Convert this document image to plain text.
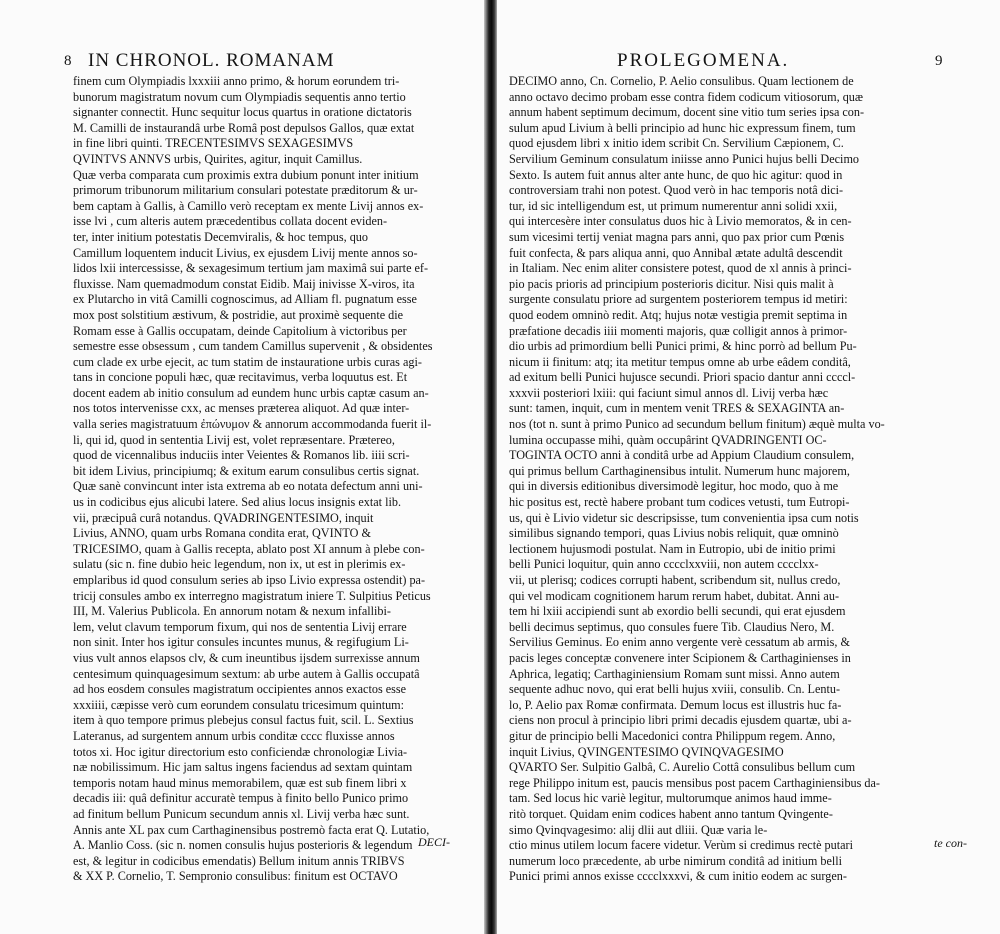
8 IN CHRONOL. ROMANAM
finem cum Olympiadis lxxxiii anno primo, & horum eorundem tri-
bunorum magistratum novum cum Olympiadis sequentis anno tertio
signanter connectit. Hunc sequitur locus quartus in oratione dictatoris
M. Camilli de instaurandâ urbe Româ post depulsos Gallos, quæ extat
in fine libri quinti. TRECENTESIMVS SEXAGESIMVS
QVINTVS ANNVS urbis, Quirites, agitur, inquit Camillus.
Quæ verba comparata cum proximis extra dubium ponunt inter initium
primorum tribunorum militarium consulari potestate præditorum & ur-
bem captam à Gallis, à Camillo verò receptam ex mente Livij annos ex-
isse lvi , cum alteris autem præcedentibus collata docent eviden-
ter, inter initium potestatis Decemviralis, & hoc tempus, quo
Camillum loquentem inducit Livius, ex ejusdem Livij mente annos so-
lidos lxii intercessisse, & sexagesimum tertium jam maximâ sui parte ef-
fluxisse. Nam quemadmodum constat Eidib. Maij inivisse X-viros, ita
ex Plutarcho in vitâ Camilli cognoscimus, ad Alliam fl. pugnatum esse
mox post solstitium æstivum, & postridie, aut proximè sequente die
Romam esse à Gallis occupatam, deinde Capitolium à victoribus per
semestre esse obsessum , cum tandem Camillus supervenit , & obsidentes
cum clade ex urbe ejecit, ac tum statim de instauratione urbis curas agi-
tans in concione populi hæc, quæ recitavimus, verba loquutus est. Et
docent eadem ab initio consulum ad eundem hunc urbis captæ casum an-
nos totos intervenisse cxx, ac menses præterea aliquot. Ad quæ inter-
valla series magistratuum ἐπώνυμον & annorum accommodanda fuerit il-
li, qui id, quod in sententia Livij est, volet repræsentare. Prætereo,
quod de vicennalibus induciis inter Veientes & Romanos lib. iiii scri-
bit idem Livius, principiumq; & exitum earum consulibus certis signat.
Quæ sanè convincunt inter ista extrema ab eo notata defectum anni uni-
us in codicibus ejus alicubi latere. Sed alius locus insignis extat lib.
vii, præcipuâ curâ notandus. QVADRINGENTESIMO, inquit
Livius, ANNO, quam urbs Romana condita erat, QVINTO &
TRICESIMO, quam à Gallis recepta, ablato post XI annum à plebe con-
sulatu (sic n. fine dubio heic legendum, non ix, ut est in plerimis ex-
emplaribus id quod consulum series ab ipso Livio expressa ostendit) pa-
tricij consules ambo ex interregno magistratum iniere T. Sulpitius Peticus
III, M. Valerius Publicola. En annorum notam & nexum infallibi-
lem, velut clavum temporum fixum, qui nos de sententia Livij errare
non sinit. Inter hos igitur consules incuntes munus, & regifugium Li-
vius vult annos elapsos clv, & cum ineuntibus ijsdem surrexisse annum
centesimum quinquagesimum sextum: ab urbe autem à Gallis occupatâ
ad hos eosdem consules magistratum occipientes annos exactos esse
xxxiiii, cæpisse verò cum eorundem consulatu tricesimum quintum:
item à quo tempore primus plebejus consul factus fuit, scil. L. Sextius
Lateranus, ad surgentem annum urbis conditæ cccc fluxisse annos
totos xi. Hoc igitur directorium esto conficiendæ chronologiæ Livia-
næ nobilissimum. Hic jam saltus ingens faciendus ad sextam quintam
temporis notam haud minus memorabilem, quæ est sub finem libri x
decadis iii: quâ definitur accuratè tempus à finito bello Punico primo
ad finitum bellum Punicum secundum annis xl. Livij verba hæc sunt.
Annis ante XL pax cum Carthaginensibus postremò facta erat Q. Lutatio,
A. Manlio Coss. (sic n. nomen consulis hujus posterioris & legendum
est, & legitur in codicibus emendatis) Bellum initum annis TRIBVS
& XX P. Cornelio, T. Sempronio consulibus: finitum est OCTAVO
DECI-
PROLEGOMENA.	9
DECIMO anno, Cn. Cornelio, P. Aelio consulibus. Quam lectionem de
anno octavo decimo probam esse contra fidem codicum vitiosorum, quæ
annum habent septimum decimum, docent sine vitio tum series ipsa con-
sulum apud Livium à belli principio ad hunc hic expressum finem, tum
quod ejusdem libri x initio idem scribit Cn. Servilium Cæpionem, C.
Servilium Geminum consulatum iniisse anno Punici hujus belli Decimo
Sexto. Is autem fuit annus alter ante hunc, de quo hic agitur: quod in
controversiam trahi non potest. Quod verò in hac temporis notâ dici-
tur, id sic intelligendum est, ut primum numerentur anni solidi xxii,
qui intercesère inter consulatus duos hic à Livio memoratos, & in cen-
sum vicesimi tertij veniat magna pars anni, quo pax prior cum Pœnis
fuit confecta, & pars aliqua anni, quo Annibal ætate adultâ descendit
in Italiam. Nec enim aliter consistere potest, quod de xl annis à princi-
pio pacis prioris ad principium posterioris dicitur. Nisi quis malit à
surgente consulatu priore ad surgentem posteriorem tempus id metiri:
quod eodem omninò redit. Atq; hujus notæ vestigia premit septima in
præfatione decadis iiii momenti majoris, quæ colligit annos à primor-
dio urbis ad primordium belli Punici primi, & hinc porrò ad bellum Pu-
nicum ii finitum: atq; ita metitur tempus omne ab urbe eâdem conditâ,
ad exitum belli Punici hujusce secundi. Priori spacio dantur anni ccccl-
xxxvii posteriori lxiii: qui faciunt simul annos dl. Livij verba hæc
sunt: tamen, inquit, cum in mentem venit TRES & SEXAGINTA an-
nos (tot n. sunt à primo Punico ad secundum bellum finitum) æquè multa vo-
lumina occupasse mihi, quàm occupârint QVADRINGENTI OC-
TOGINTA OCTO anni à conditâ urbe ad Appium Claudium consulem,
qui primus bellum Carthaginensibus intulit. Numerum hunc majorem,
qui in diversis editionibus diversimodè legitur, hoc modo, quo à me
hic positus est, rectè habere probant tum codices vetusti, tum Eutropi-
us, qui è Livio videtur sic descripsisse, tum convenientia ipsa cum notis
similibus signando tempori, quas Livius nobis reliquit, quæ omninò
lectionem hujusmodi postulat. Nam in Eutropio, ubi de initio primi
belli Punici loquitur, quin anno cccclxxviii, non autem cccclxx-
vii, ut plerisq; codices corrupti habent, scribendum sit, nullus credo,
qui vel modicam cognitionem harum rerum habet, dubitat. Anni au-
tem hi lxiii accipiendi sunt ab exordio belli secundi, qui erat ejusdem
belli decimus septimus, quo consules fuere Tib. Claudius Nero, M.
Servilius Geminus. Eo enim anno vergente verè cessatum ab armis, &
pacis leges conceptæ convenere inter Scipionem & Carthaginienses in
Aphrica, legatiq; Carthaginiensium Romam sunt missi. Anno autem
sequente adhuc novo, qui erat belli hujus xviii, consulib. Cn. Lentu-
lo, P. Aelio pax Romæ confirmata. Demum locus est illustris huc fa-
ciens non procul à principio libri primi decadis ejusdem quartæ, ubi a-
gitur de principio belli Macedonici contra Philippum regem. Anno,
inquit Livius, QVINGENTESIMO QVINQVAGESIMO
QVARTO Ser. Sulpitio Galbâ, C. Aurelio Cottâ consulibus bellum cum
rege Philippo initum est, paucis mensibus post pacem Carthaginiensibus da-
tam. Sed locus hic variè legitur, multorumque animos haud imme-
ritò torquet. Quidam enim codices habent anno tantum Qvingente-
simo Qvinqvagesimo: alij dlii aut dliii. Quæ varia le-
ctio minus utilem locum facere videtur. Verùm si credimus rectè putari
numerum loco præcedente, ab urbe nimirum conditâ ad initium belli
Punici primi annos exisse cccclxxxvi, & cum initio eodem ac surgen-
te con-
